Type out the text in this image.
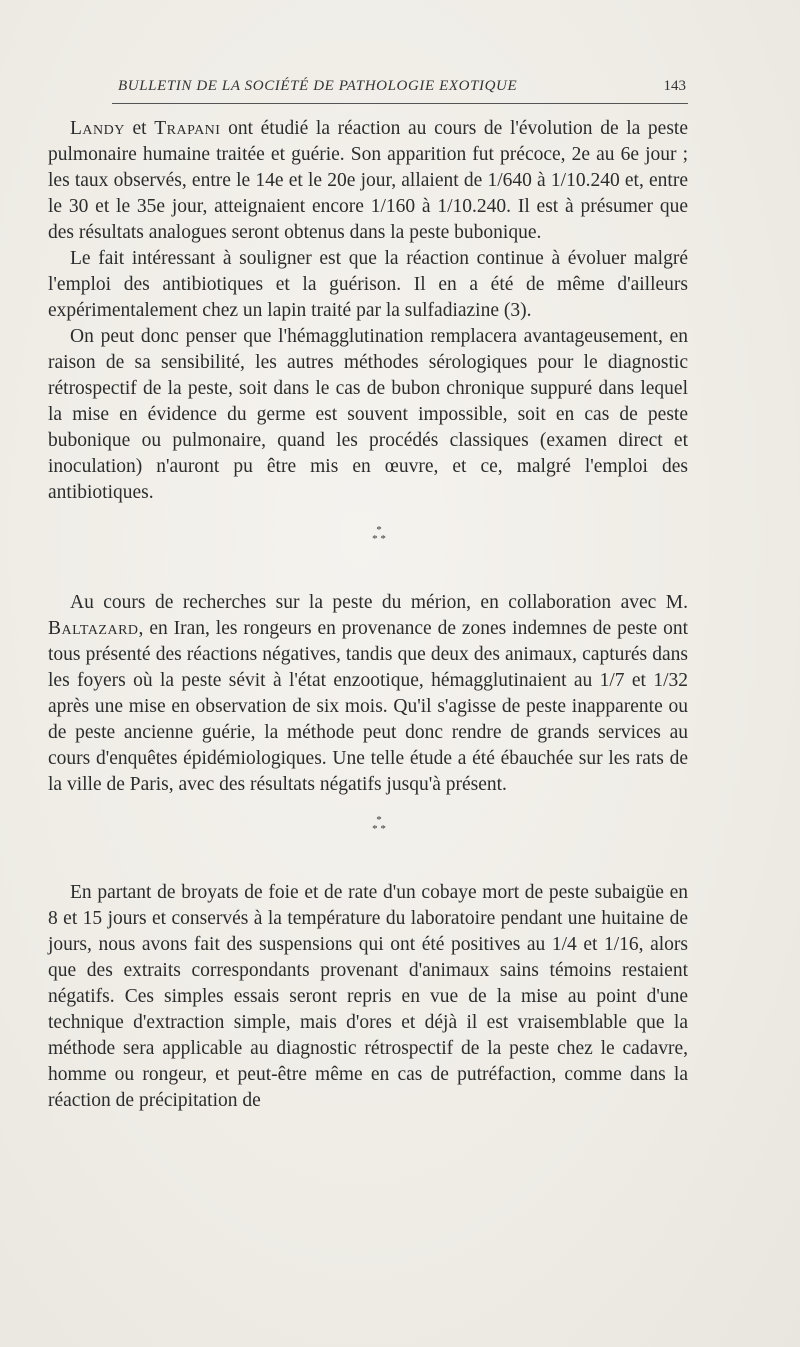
BULLETIN DE LA SOCIÉTÉ DE PATHOLOGIE EXOTIQUE	143

Landy et Trapani ont étudié la réaction au cours de l'évolution de la peste pulmonaire humaine traitée et guérie. Son apparition fut précoce, 2e au 6e jour ; les taux observés, entre le 14e et le 20e jour, allaient de 1/640 à 1/10.240 et, entre le 30 et le 35e jour, atteignaient encore 1/160 à 1/10.240. Il est à présumer que des résultats analogues seront obtenus dans la peste bubonique.

Le fait intéressant à souligner est que la réaction continue à évoluer malgré l'emploi des antibiotiques et la guérison. Il en a été de même d'ailleurs expérimentalement chez un lapin traité par la sulfadiazine (3).

On peut donc penser que l'hémagglutination remplacera avantageusement, en raison de sa sensibilité, les autres méthodes sérologiques pour le diagnostic rétrospectif de la peste, soit dans le cas de bubon chronique suppuré dans lequel la mise en évidence du germe est souvent impossible, soit en cas de peste bubonique ou pulmonaire, quand les procédés classiques (examen direct et inoculation) n'auront pu être mis en œuvre, et ce, malgré l'emploi des antibiotiques.

*
* *

Au cours de recherches sur la peste du mérion, en collaboration avec M. Baltazard, en Iran, les rongeurs en provenance de zones indemnes de peste ont tous présenté des réactions négatives, tandis que deux des animaux, capturés dans les foyers où la peste sévit à l'état enzootique, hémagglutinaient au 1/7 et 1/32 après une mise en observation de six mois. Qu'il s'agisse de peste inapparente ou de peste ancienne guérie, la méthode peut donc rendre de grands services au cours d'enquêtes épidémiologiques. Une telle étude a été ébauchée sur les rats de la ville de Paris, avec des résultats négatifs jusqu'à présent.

*
* *

En partant de broyats de foie et de rate d'un cobaye mort de peste subaigüe en 8 et 15 jours et conservés à la température du laboratoire pendant une huitaine de jours, nous avons fait des suspensions qui ont été positives au 1/4 et 1/16, alors que des extraits correspondants provenant d'animaux sains témoins restaient négatifs. Ces simples essais seront repris en vue de la mise au point d'une technique d'extraction simple, mais d'ores et déjà il est vraisemblable que la méthode sera applicable au diagnostic rétrospectif de la peste chez le cadavre, homme ou rongeur, et peut-être même en cas de putréfaction, comme dans la réaction de précipitation de
